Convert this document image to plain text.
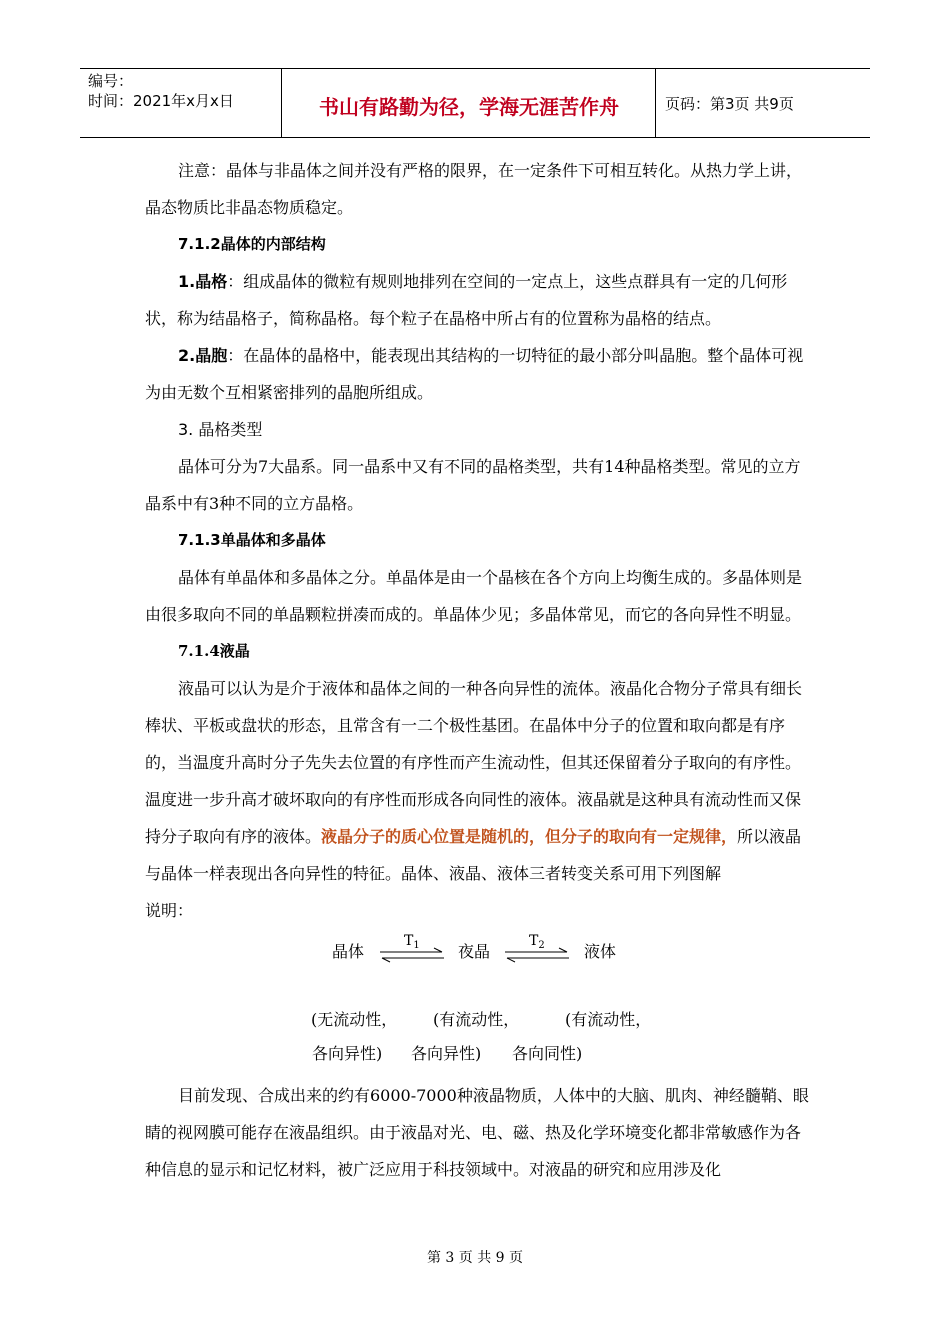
编号：
时间：2021年x月x日	书山有路勤为径，学海无涯苦作舟	页码：第3页 共9页

注意：晶体与非晶体之间并没有严格的限界，在一定条件下可相互转化。从热力学上讲，晶态物质比非晶态物质稳定。

7.1.2晶体的内部结构

1.晶格：组成晶体的微粒有规则地排列在空间的一定点上，这些点群具有一定的几何形状，称为结晶格子，简称晶格。每个粒子在晶格中所占有的位置称为晶格的结点。

2.晶胞：在晶体的晶格中，能表现出其结构的一切特征的最小部分叫晶胞。整个晶体可视为由无数个互相紧密排列的晶胞所组成。

3. 晶格类型

晶体可分为7大晶系。同一晶系中又有不同的晶格类型，共有14种晶格类型。常见的立方晶系中有3种不同的立方晶格。

7.1.3单晶体和多晶体

晶体有单晶体和多晶体之分。单晶体是由一个晶核在各个方向上均衡生成的。多晶体则是由很多取向不同的单晶颗粒拼凑而成的。单晶体少见；多晶体常见，而它的各向异性不明显。

7.1.4液晶

液晶可以认为是介于液体和晶体之间的一种各向异性的流体。液晶化合物分子常具有细长棒状、平板或盘状的形态，且常含有一二个极性基团。在晶体中分子的位置和取向都是有序的，当温度升高时分子先失去位置的有序性而产生流动性，但其还保留着分子取向的有序性。温度进一步升高才破坏取向的有序性而形成各向同性的液体。液晶就是这种具有流动性而又保持分子取向有序的液体。液晶分子的质心位置是随机的，但分子的取向有一定规律，所以液晶与晶体一样表现出各向异性的特征。晶体、液晶、液体三者转变关系可用下列图解

说明：

晶体
$T_1$ 夜晶
$T_2$ 液体
(无流动性， (有流动性，	(有流动性，
各向异性) 各向异性) 各向同性)

目前发现、合成出来的约有6000-7000种液晶物质，人体中的大脑、肌肉、神经髓鞘、眼睛的视网膜可能存在液晶组织。由于液晶对光、电、磁、热及化学环境变化都非常敏感作为各种信息的显示和记忆材料，被广泛应用于科技领域中。对液晶的研究和应用涉及化

第 3 页 共 9 页
